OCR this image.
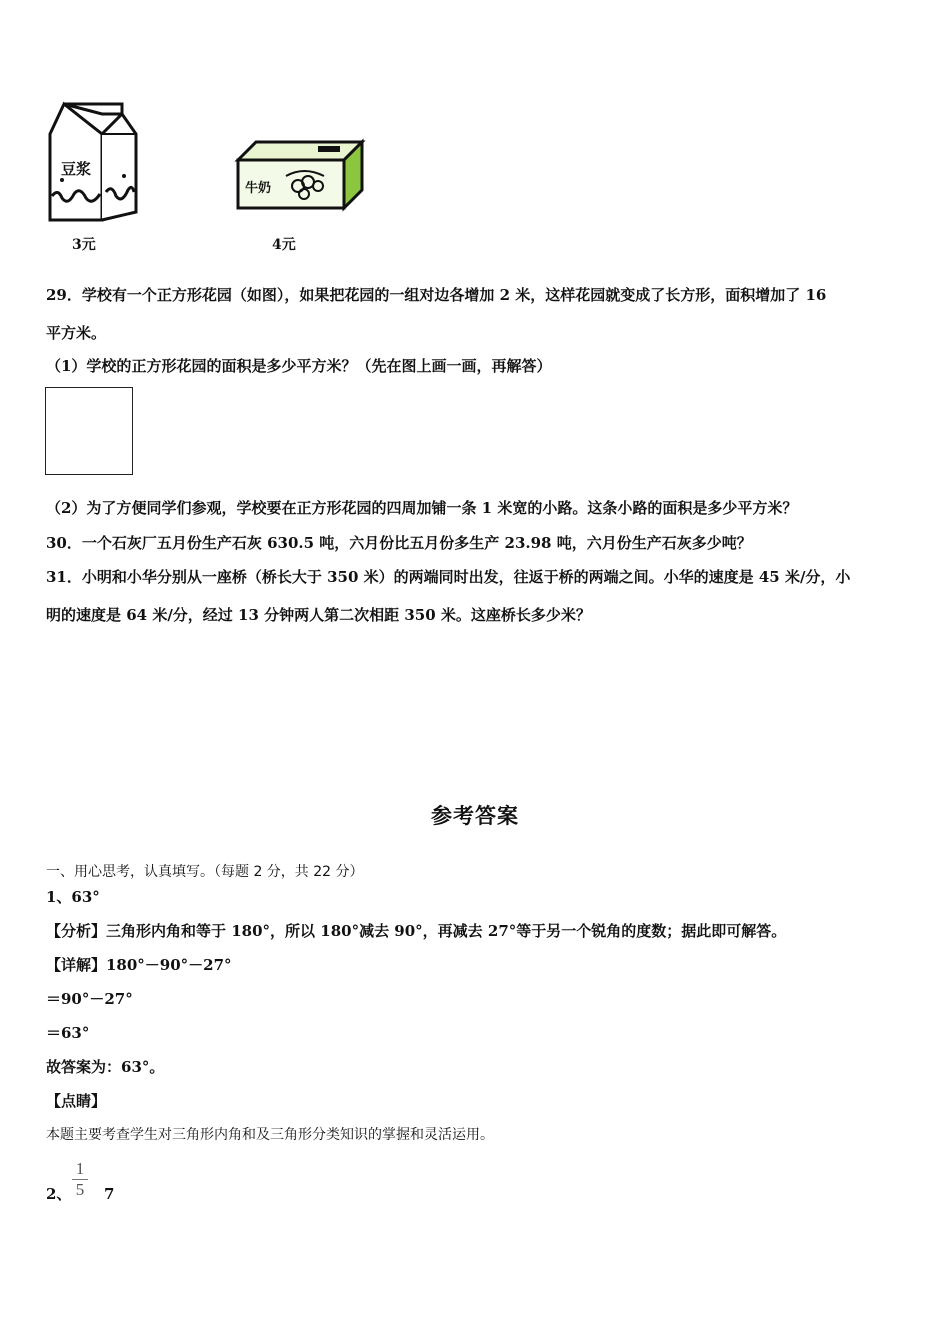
豆浆
3元
牛奶
4元
29．学校有一个正方形花园（如图），如果把花园的一组对边各增加 2 米，这样花园就变成了长方形，面积增加了 16
平方米。
（1）学校的正方形花园的面积是多少平方米？（先在图上画一画，再解答）
（2）为了方便同学们参观，学校要在正方形花园的四周加铺一条 1 米宽的小路。这条小路的面积是多少平方米？
30．一个石灰厂五月份生产石灰 630.5 吨，六月份比五月份多生产 23.98 吨，六月份生产石灰多少吨？
31．小明和小华分别从一座桥（桥长大于 350 米）的两端同时出发，往返于桥的两端之间。小华的速度是 45 米/分，小
明的速度是 64 米/分，经过 13 分钟两人第二次相距 350 米。这座桥长多少米？
参考答案
一、用心思考，认真填写。（每题 2 分，共 22 分）
1、63°
【分析】三角形内角和等于 180°，所以 180°减去 90°，再减去 27°等于另一个锐角的度数；据此即可解答。
【详解】180°－90°－27°
＝90°－27°
＝63°
故答案为：63°。
【点睛】
本题主要考查学生对三角形内角和及三角形分类知识的掌握和灵活运用。
2、
1
5 7
